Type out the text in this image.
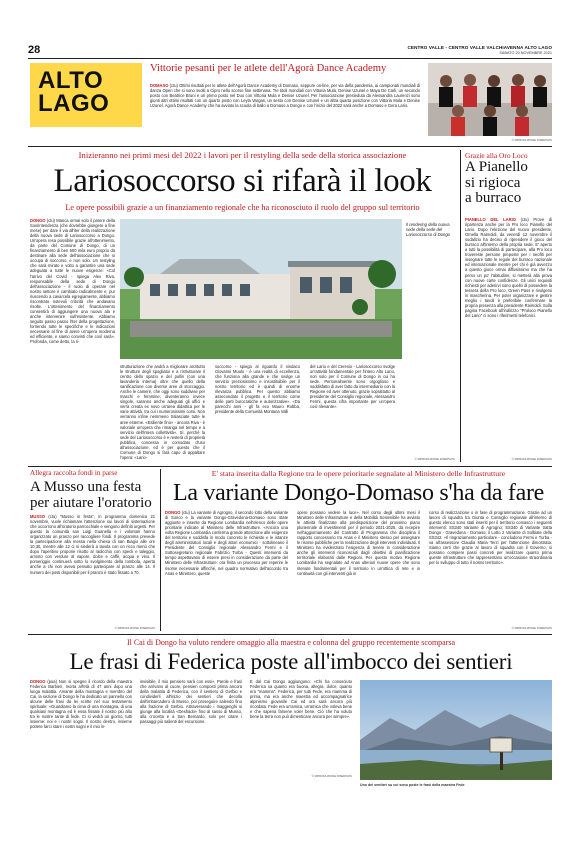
28	CENTRO VALLE - CENTRO VALLE VALCHIAVENNA ALTO LAGO
SABATO 20 NOVEMBRE 2021
ALTO
LAGO
Vittorie pesanti per le atlete dell'Agorà Dance Academy
DOMASO (ctu) Ottimi risultati per le atlete dell'Agorà Dance Academy di Domaso, seppure on-line, per via della pandemia, ai campionati mondiali di danza Open che si sono svolti a Cipro nello scorso fine settimana. Tre titoli mondiali con Vittoria Mula, Denise Uzunel e Maya De Carli, un secondo posto con Beatrice Bruni e un primo posto nel Duo con Vittoria Mula e Denise Uzunel. Per l'associazione presieduta da Alessandra Laurenzi sono giunti altri ottimi risultati con un quarto posto con Leyla Vargas, un sesto con Denise Uzunel e un altra quarta posizione con Vittoria Mula e Denise Uzunel. Agorà Dance Academy che ha avviato la scuola di ballo a Domaso a Dongo e con l'inizio del 2022 sarà anche a Domaso e Gera Lario.
© RIPRODUZIONE RISERVATA
Inizieranno nei primi mesi del 2022 i lavori per il restyling della sede della storica associazione
Lariosoccorso si rifarà il look
Le opere possibili grazie a un finanziamento regionale che ha riconosciuto il ruolo del gruppo sul territorio
DONGO (ctu) Manca ormai solo il parere della Sovrintendenza (che dovrebbe giungere a fine mese) per dare il via all'iter della realizzazione della nuova sede di Lariosoccorso a Dongo. Un'opera resa possibile grazie all'ottenimento, da parte del Comune di Dongo, di un finanziamento di ben 600 mila euro proprio da destinare alla sede dell'associazione che si occupa di soccorso, e non solo. Un restyling che sarà mirato e volto a garantire una sede adeguata a tutte le nuove esigenze: «Col l'arrivo del Covid - spiega Alex Riva, responsabile della sede di Dongo dell'associazione - il ruolo di operare nel nostro settore è cambiato radicalmente e, pur riuscendo a cavarcela egregiamente, abbiamo riscontrato notevoli criticità che andavano risolte. L'ottenimento del finanziamento consentirà di aggiungere una nuova ala e anche intervenire sull'esistente. Abbiamo seguito passo passo l'iter della progettazione, fornendo tutte le specifiche e le indicazioni necessarie al fine di avere un'opera moderna ed efficiente, e siamo convinti che così sarà». Profonda, come detto, la ri-
Il rendering della nuova sede della sede del Lariosoccorso di Dongo
strutturazione che andrà a migliorare anzitutto le strutture degli spogliatoi e a ristrutturare il centro dello spazio e del pullin (con una lavanderia interna) oltre che quello della sanificazione con diverse aree di stoccaggio. Anche le camere, che oggi sono suddivise per maschi e femmine, diventeranno invece singole, saranno anche adeguati gli uffici e verrà creata ex novo un'area didattica per le varie attività, tra cui i numerosissimi corsi. Non verranno infine nemmeno tralasciate tutte le aree esterne. «Esiliente fino» - ancora Riva - è valoriale un'opera che rimanga nel tempo e a servizio dell'intera collettività». Sì, perché la sede del Lariosoccorso è e resterà di proprietà pubblica, concessa in comodato d'uso all'associazione, ed è per questo che il Comune di Dongo si farà capo di appaltare l'opera: «Lario-
soccorso - spiega al riguardo il sindaco Giovanni Muolo - è una realtà di eccellenza, che funziona alla grande e che svolge un servizio preziosissimo e insostituibile per il nostro territorio ed è quindi di enorme rilevanza pubblica. Per questo abbiamo assecondato il progetto e il territorio come delle parti burocratiche e autorizzative». «Da parecchi anni - gli fa eco Mauro Robba, presidente della Comunità Montana Valli
del Lario e del Ceresio - Lariosoccorso svolge un'attività fondamentale per l'intero Alto Lario, non solo per il Comune di Dongo in cui ha sede. Personalmente sono orgoglioso e soddisfatto di aver fatto da intermediario con la Regione ed aver ottenuto, grazie soprattutto al presidente del Consiglio regionale, Alessandro Fermi, questa cifra importante per un'opera così rilevante».
© RIPRODUZIONE RISERVATA
Grazie alla Oro Loco
A Pianello
si rigioca
a burraco
PIANELLO DEL LARIO (ctu) Prove di ripartenza anche per la Pro loco Pianello del Lario. Dopo l'elezione del nuovo presidente, Ornella Raimoldi, da venerdì 12 novembre il sodalizio ha deciso di riprendere il gioco del burraco all'interno della propria sede. E' aperto a tutti la possibilità di partecipare, alla Pro loco trovereste persone preposte per i neofiti per insegnare tutte le regole del burraco nazionale ed internazionale mentre per chi è già avvezzo a questo gioco ormai diffusissimo ma che ha perso un po' l'abitudine, si metterà alla prova con nuove carte confidenze. Gli unici requisiti richiesti per aderirvi sono quello di possedere la tessera della Pro loco, Green Pass e rivolgersi in mascherina. Per poter organizzare e gestire meglio i tavoli è preferibile confermare la propria presenza alla presidente Raimoldi. Sulla pagina Facebook all'indirizzo "Proloco Pianello del Lario" ci sono i riferimenti telefonici.
© RIPRODUZIONE RISERVATA
Allegra raccolta fondi in parse
A Musso una festa
per aiutare l'oratorio
MUSSO (ctu) "Musso in festa", in programma domenica 21 novembre, vuole richiamare l'attenzione sui lavori di sistemazione che occorrono all'oratorio parrocchiale e vengono definiti urgenti. Per questo la comunità san Luigi Guanella e i volontari hanno organizzato un pranzo per raccogliere fondi. Il programma prevede la partecipazione alla messa nella chiesa di san Biagio alle ore 10,30, mentre alle 12 ci si siederà a tavola con un ricco menù che dopo l'aperitivo propone risotto al radicchio con speck e taleggio, arrosto con verdure al vapore, dolce e caffè, acqua e vino. Il pomeriggio continuerà sotto lo svolgimento della tombola, aperta anche a chi non aveva pensato partecipare al pranzo alle 14. Il numero dei posti disponibili per il pranzo è stato fissato a 70.
© RIPRODUZIONE RISERVATA
E' stata inserita dalla Regione tra le opere prioritarie segnalate al Ministero delle Infrastrutture
La variante Dongo-Domaso s'ha da fare
DONGO (ctu) La variante di Agrogno, il secondo lotto della variante di Sorico e la variante Dongo-Gravedona-Domaso sono state aggiunte e inserite da Regione Lombardia nell'elenco delle opere prioritarie indicate al Ministero delle Infrastrutture. «Ancora una volta Regione Lombardia conferma grande attenzione alle esigenze del territorio e soddisfa in modo concreto le richieste e le istanze degli amministratori locali e degli attori economici - sottolineano il Presidente del Consiglio regionale Alessandro Fermi e il Sottosegretario regionale Fabrizio Turba - Questi interventi da tempo aspettavano di essere presi in considerazione da parte del Ministero delle Infrastrutture: ora finita un processo per reperire le risorse necessarie affinché, nel quadro normativo dell'accordo tra Anas e Ministero, queste
opere possano vedere la luce». Nel corso degli ultimi mesi il Ministero delle Infrastrutture e della Mobilità Sostenibile ha avviato le attività finalizzate alla predisposizione del prossimo piano pluriennale di investimenti per il periodo 2021-2025, da recepire nell'aggiornamento del Contratto di Programma che disciplina il rapporto concessorio tra Anas e il Ministero stesso per assegnare le risorse pubbliche per la realizzazione degli interventi individuati. Il Ministero ha evidenziato l'esigenza di tenere in considerazione anche gli interventi riconosciuti dagli obiettivi di pianificazione territoriale elaborati dalle Regioni. Per questo motivo Regione Lombardia ha segnalato ad Anas ulteriori nuove opere che sono ritenute fondamentali per il territorio in un'ottica di rete e in continuità con gli interventi già in
corso di realizzazione o in fase di programmazione. Grazie ad un lavoro di squadra tra Giunta e Consiglio regionale all'interno di questo elenco sono stati inseriti per il territorio comasco i seguenti interventi: SS340 Variante di Agrogno; SS340 di Variante tratta Dongo - Gravedona - Domaso; il Lotto 2 Variante di Solbiate della SS342. «Il ringraziamento particolare - concludono Fermi e Turba - va all'assessore Claudia Maria Terzi per l'attenzione dimostrata. Siamo certi che grazie al lavoro di squadra con il Governo, si possano compiere passi concreti per realizzare quanto prima queste infrastrutture che rappresentano un'occasione straordinaria per lo sviluppo di tutto il nostro territorio».
© RIPRODUZIONE RISERVATA
Il Cai di Dongo ha voluto rendere omaggio alla maestra e colonna del gruppo recentemente scomparsa
Le frasi di Federica poste all'imbocco dei sentieri
DONGO (pua) Non si spegne il ricordo della maestra Federica Barbieri, morta all'età di 47 anni dopo una lunga malattia. Amante della montagna e membro del Cai, la sezione di Dongo le ha dedicato un pannello con alcune delle frasi da lei scritte nel suo testamento spirituale: «Guardiamo la cima di una montagna, di una qualsiasi montagna ed è essa fissate il nostro più alto tra le nostre tante di fede. Ci si vedrà un giorno, tutti insieme: noi e i nostri sogni. Il nostro dentro, insieme potrete farci stare i vostri sogni e il mio in-
invisibile, il mio pensiero sarà con essi». Parole e frasi che arrivano al cuore, pensieri composti prima ancora della malattia di Federica, con il sentiero di Gerbio e condividerli all'inizio dei sentieri che decolla dall'imbarcadero di Musso, poi proseguire salendo fino alla frazione di Gerbio. Attraversando i maggenghi si giunge alla località «Deshado» fino al sasso di Musso, alla crocetta e a San Bernardo, solo per citare i passaggi più salienti del escursione.
E dal Cai Dongo aggiungono: «Chi ha conosciuto Federica sa quanto era buona, allegra, dolce, quanto era "mamma". Federica, per tutti Fede, era mamma di prima, ma era anche maestra ed accompagnatrice alpinismo giovanile Cai ed ora sarà ancora più ricordata. Fede era un'amica, un'amica che voleva bene e che sapeva farsene voler bene. Ciò che ha voluto bene la terra non può dimenticare ancora per sempre».
© RIPRODUZIONE RISERVATA
Uno dei sentieri su cui sono poste le frasi della maestra Fede
